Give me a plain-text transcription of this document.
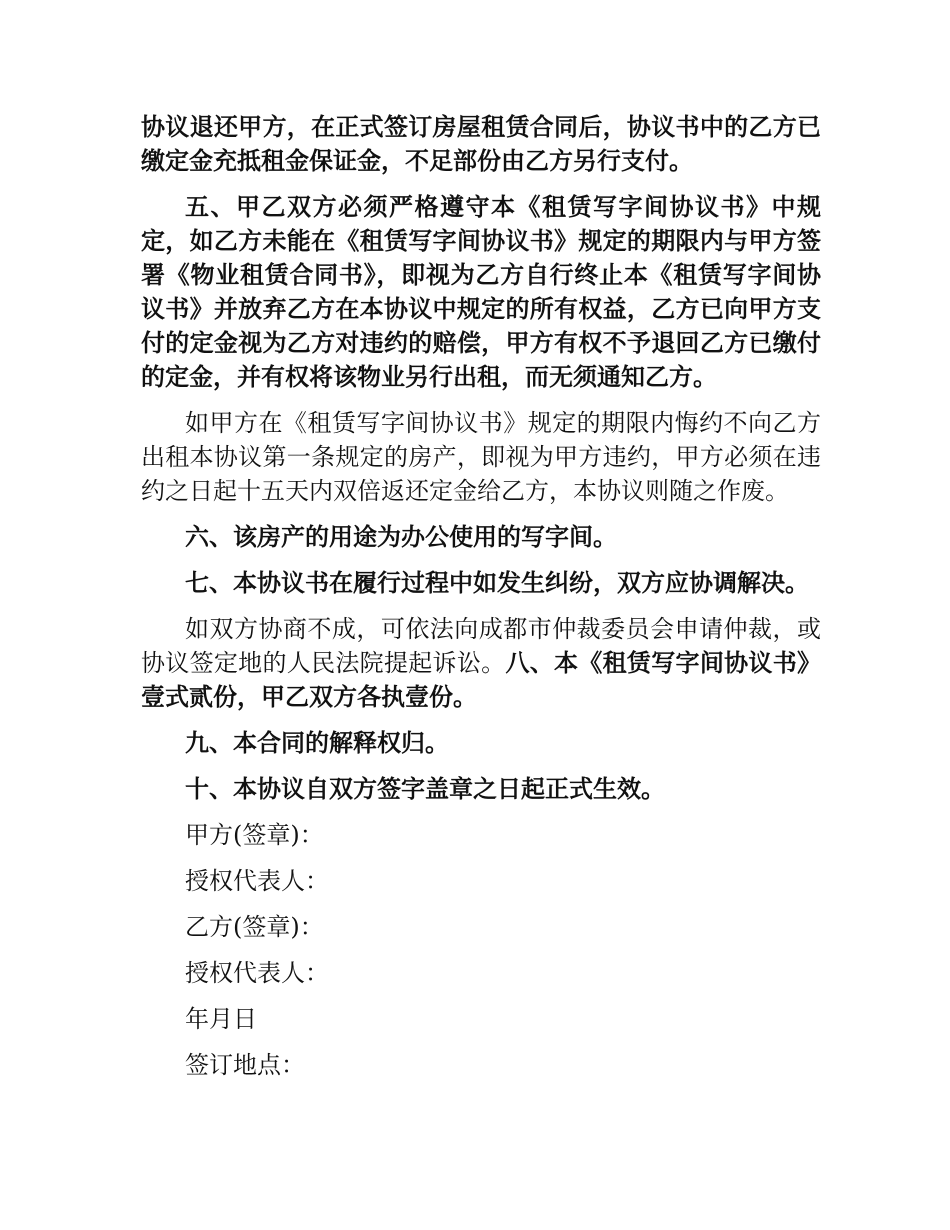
协议退还甲方，在正式签订房屋租赁合同后，协议书中的乙方已缴定金充抵租金保证金，不足部份由乙方另行支付。

五、甲乙双方必须严格遵守本《租赁写字间协议书》中规定，如乙方未能在《租赁写字间协议书》规定的期限内与甲方签署《物业租赁合同书》，即视为乙方自行终止本《租赁写字间协议书》并放弃乙方在本协议中规定的所有权益，乙方已向甲方支付的定金视为乙方对违约的赔偿，甲方有权不予退回乙方已缴付的定金，并有权将该物业另行出租，而无须通知乙方。

如甲方在《租赁写字间协议书》规定的期限内悔约不向乙方出租本协议第一条规定的房产，即视为甲方违约，甲方必须在违约之日起十五天内双倍返还定金给乙方，本协议则随之作废。

六、该房产的用途为办公使用的写字间。

七、本协议书在履行过程中如发生纠纷，双方应协调解决。

如双方协商不成，可依法向成都市仲裁委员会申请仲裁，或协议签定地的人民法院提起诉讼。八、本《租赁写字间协议书》壹式贰份，甲乙双方各执壹份。

九、本合同的解释权归。

十、本协议自双方签字盖章之日起正式生效。

甲方(签章)：
授权代表人：
乙方(签章)：
授权代表人：
年月日
签订地点：
